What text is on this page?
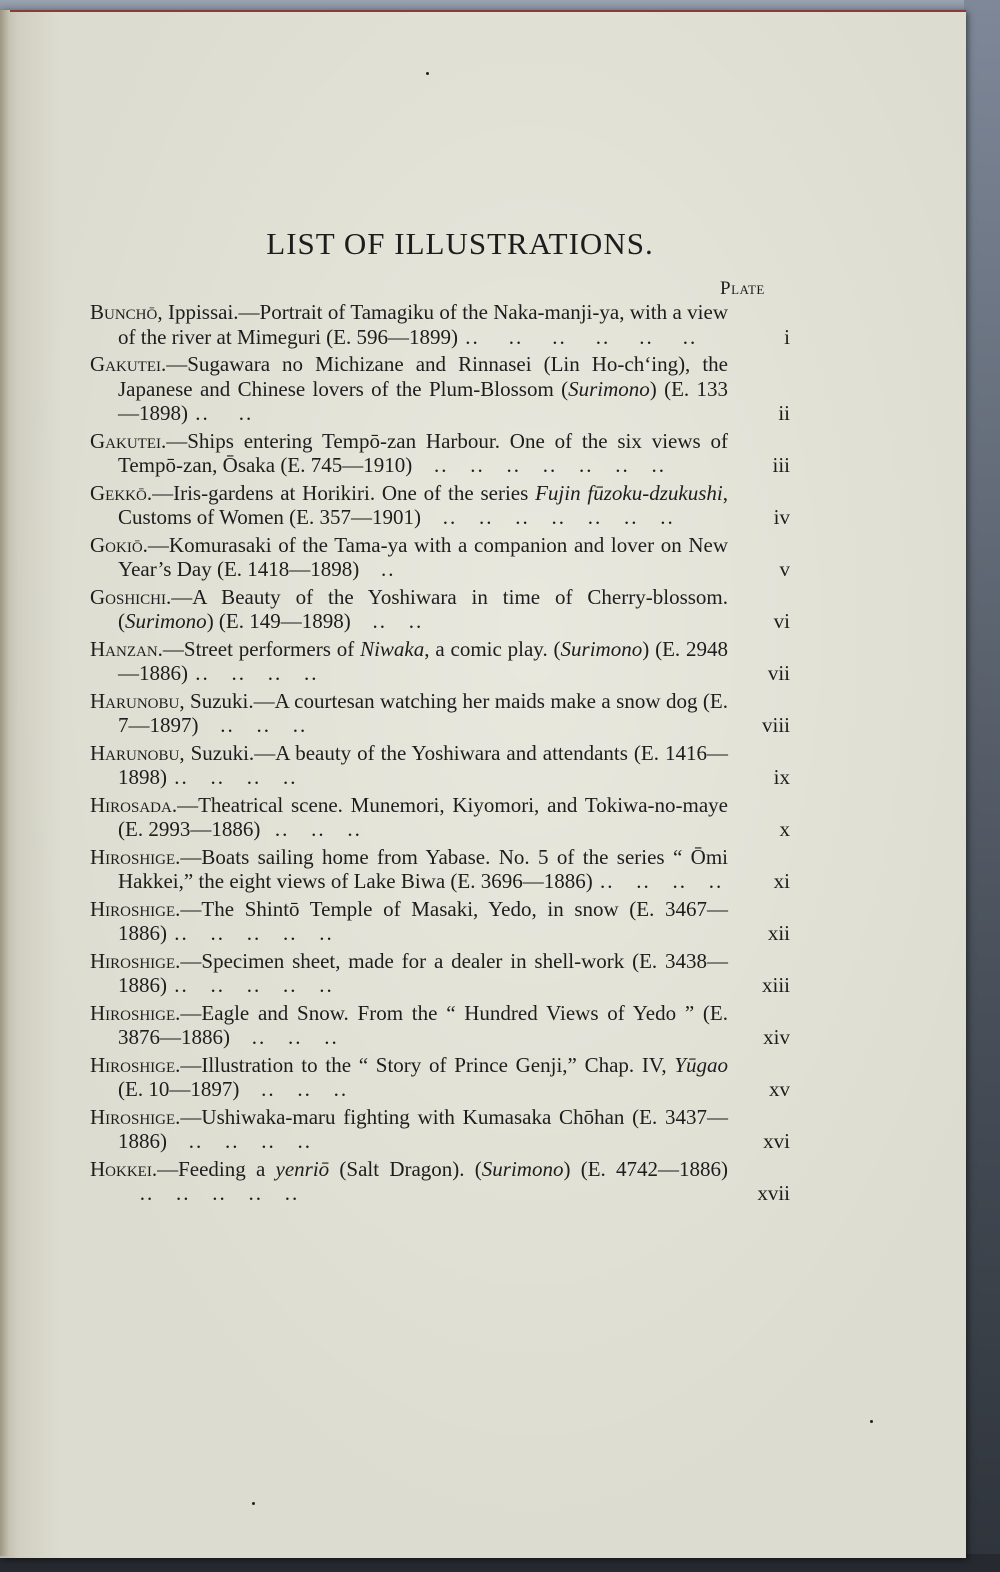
LIST OF ILLUSTRATIONS.
Plate
Bunchō, Ippissai.—Portrait of Tamagiku of the Naka-manji-ya, with a view of the river at Mimeguri (E. 596—1899) ..    ..    ..    ..    ..    ..	i
Gakutei.—Sugawara no Michizane and Rinnasei (Lin Ho-ch‘ing), the Japanese and Chinese lovers of the Plum-Blossom (Surimono) (E. 133—1898) ..    ..	ii
Gakutei.—Ships entering Tempō-zan Harbour. One of the six views of Tempō-zan, Ōsaka (E. 745—1910)   ..   ..   ..   ..   ..   ..   ..	iii
Gekkō.—Iris-gardens at Horikiri. One of the series Fujin fūzoku-dzukushi, Customs of Women (E. 357—1901)   ..   ..   ..   ..   ..   ..   ..	iv
Gokiō.—Komurasaki of the Tama-ya with a companion and lover on New Year’s Day (E. 1418—1898)   ..	v
Goshichi.—A Beauty of the Yoshiwara in time of Cherry-blossom. (Surimono) (E. 149—1898)   ..   ..	vi
Hanzan.—Street performers of Niwaka, a comic play. (Surimono) (E. 2948—1886) ..   ..   ..   ..	vii
Harunobu, Suzuki.—A courtesan watching her maids make a snow dog (E. 7—1897)   ..   ..   ..	viii
Harunobu, Suzuki.—A beauty of the Yoshiwara and attendants (E. 1416—1898) ..   ..   ..   ..	ix
Hirosada.—Theatrical scene. Munemori, Kiyomori, and Tokiwa-no-maye (E. 2993—1886)  ..   ..   ..	x
Hiroshige.—Boats sailing home from Yabase. No. 5 of the series “ Ōmi Hakkei,” the eight views of Lake Biwa (E. 3696—1886) ..   ..   ..   ..	xi
Hiroshige.—The Shintō Temple of Masaki, Yedo, in snow (E. 3467—1886) ..   ..   ..   ..   ..	xii
Hiroshige.—Specimen sheet, made for a dealer in shell-work (E. 3438—1886) ..   ..   ..   ..   ..	xiii
Hiroshige.—Eagle and Snow. From the “ Hundred Views of Yedo ” (E. 3876—1886)   ..   ..   ..	xiv
Hiroshige.—Illustration to the “ Story of Prince Genji,” Chap. IV, Yūgao (E. 10—1897)   ..   ..   ..	xv
Hiroshige.—Ushiwaka-maru fighting with Kumasaka Chōhan (E. 3437—1886)   ..   ..   ..   ..	xvi
Hokkei.—Feeding a yenriō (Salt Dragon). (Surimono) (E. 4742—1886)   ..   ..   ..   ..   ..	xvii
